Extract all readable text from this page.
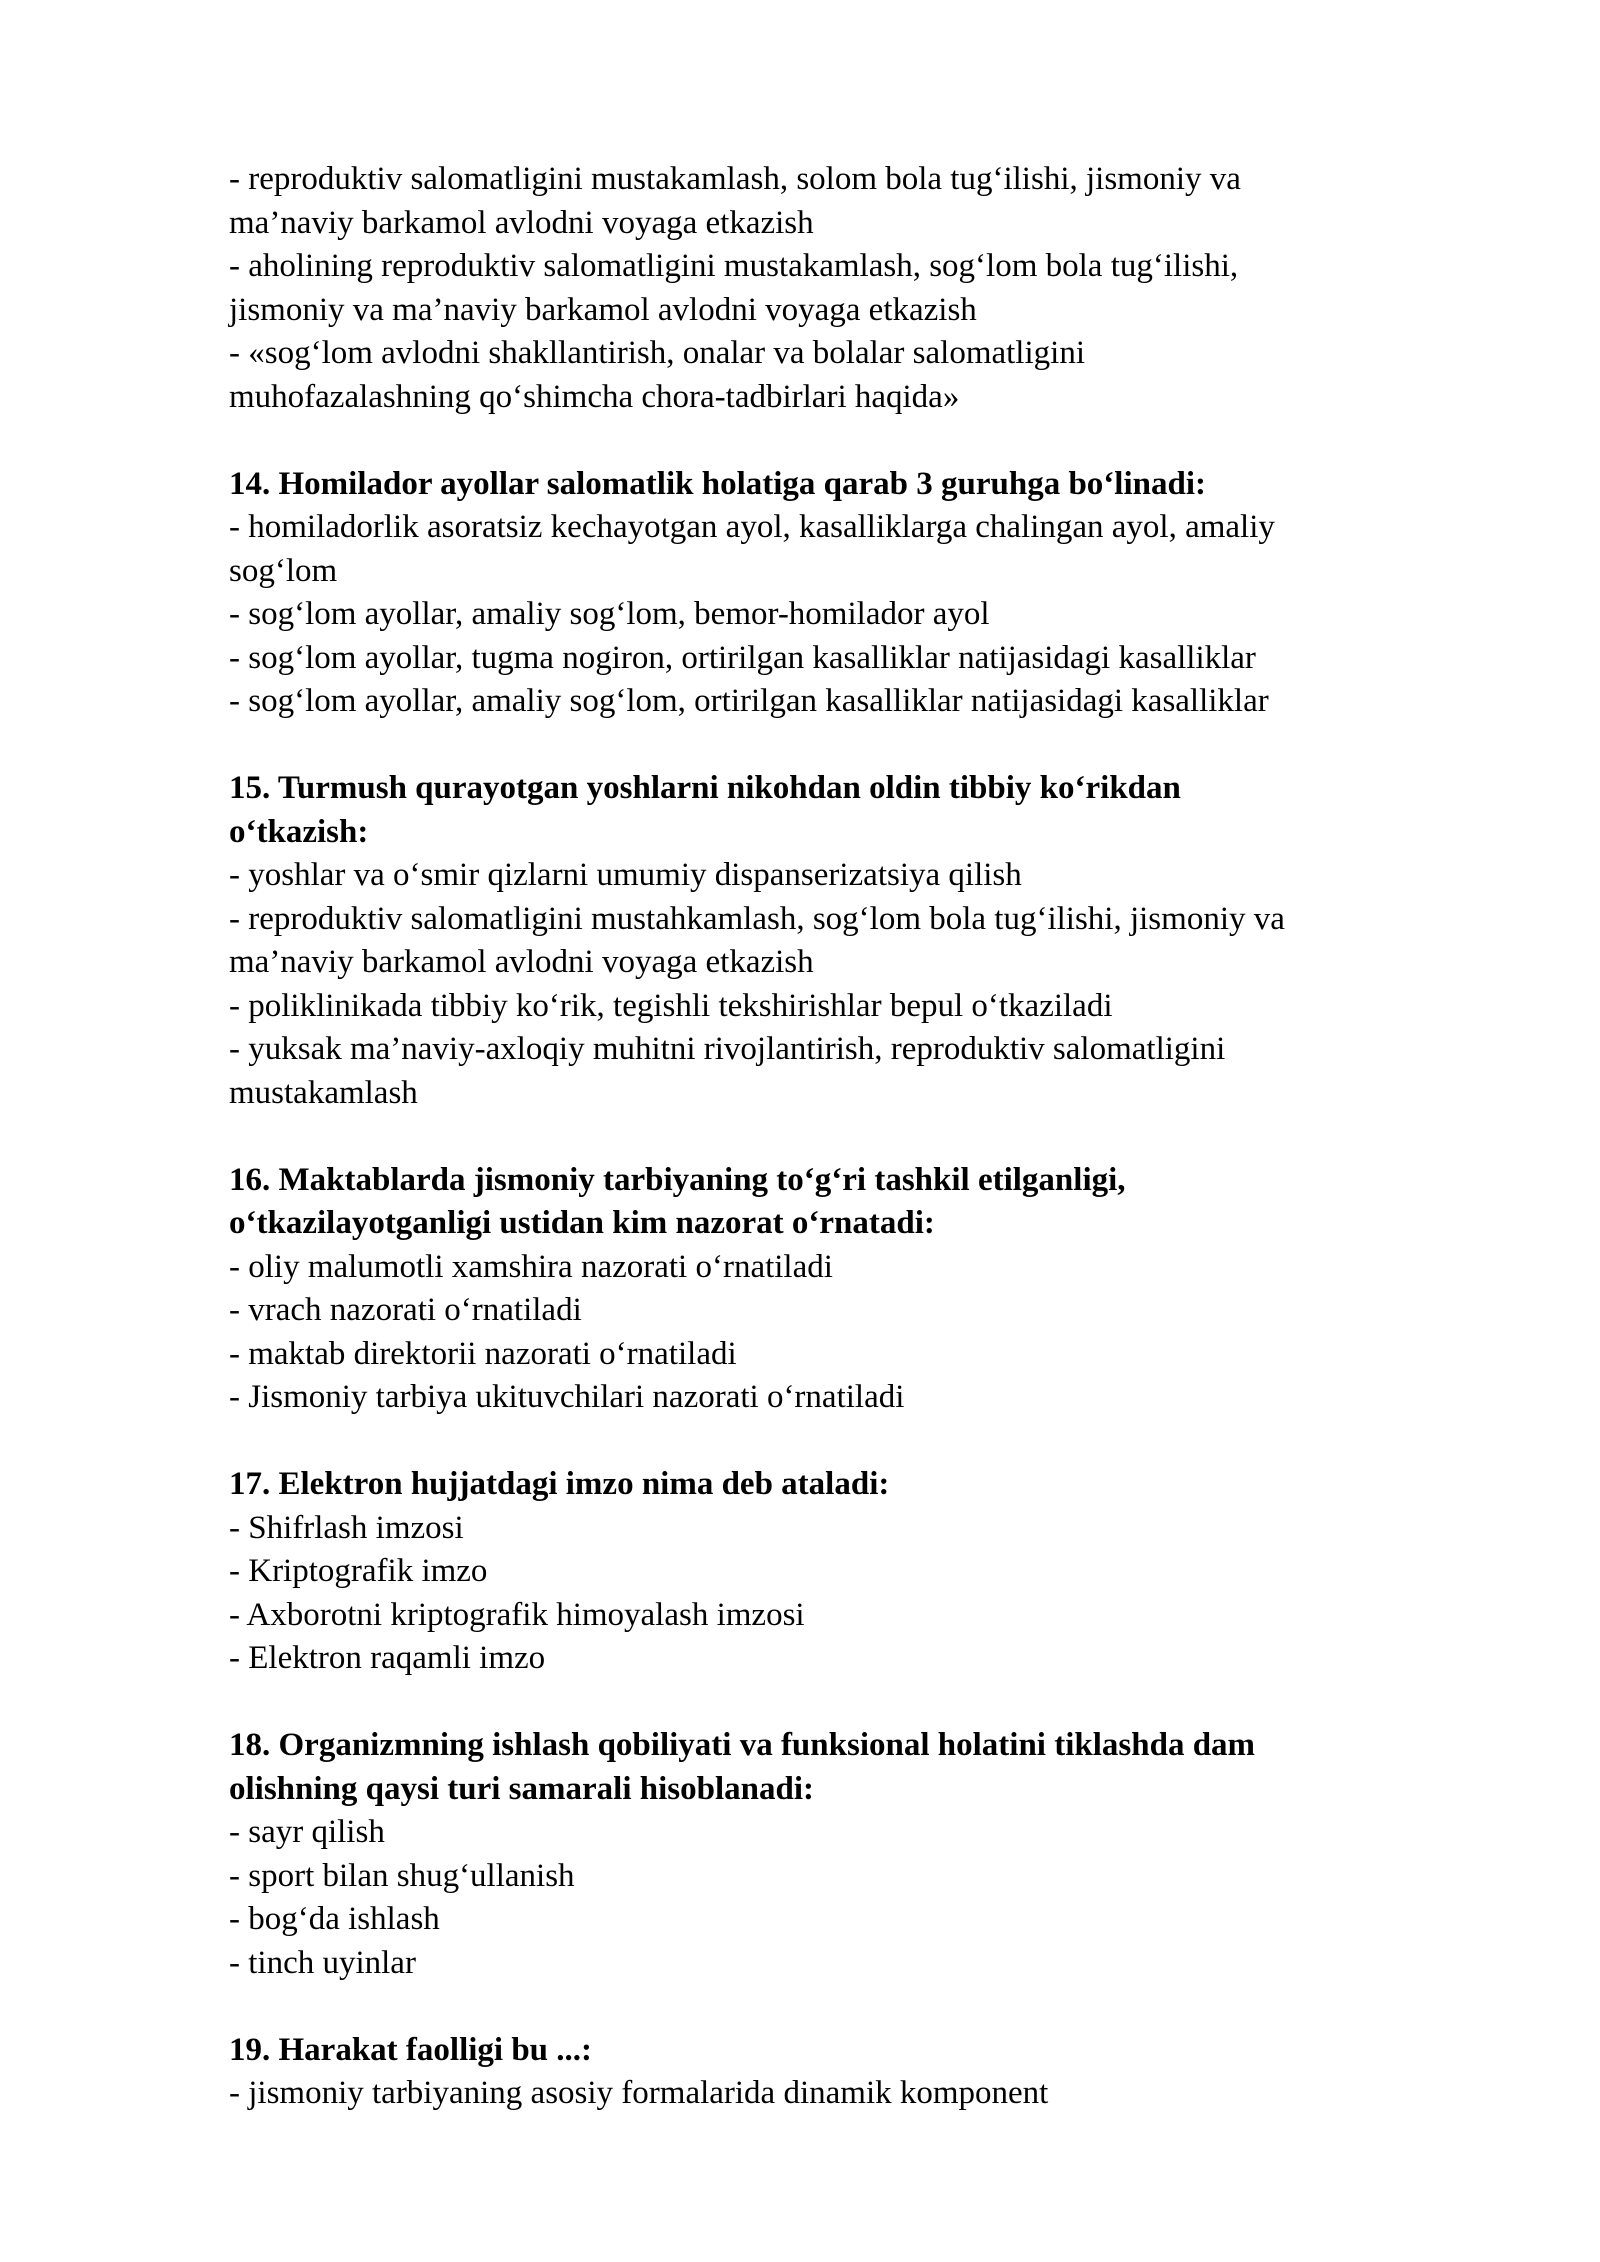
- reproduktiv salomatligini mustakamlash, solom bola tug‘ilishi, jismoniy va

ma’naviy barkamol avlodni voyaga etkazish

- aholining reproduktiv salomatligini mustakamlash, sog‘lom bola tug‘ilishi,

jismoniy va ma’naviy barkamol avlodni voyaga etkazish

- «sog‘lom avlodni shakllantirish, onalar va bolalar salomatligini

muhofazalashning qo‘shimcha chora-tadbirlari haqida»

14. Homilador ayollar salomatlik holatiga qarab 3 guruhga bo‘linadi:

- homiladorlik asoratsiz kechayotgan ayol, kasalliklarga chalingan ayol, amaliy

sog‘lom

- sog‘lom ayollar, amaliy sog‘lom, bemor-homilador ayol

- sog‘lom ayollar, tugma nogiron, ortirilgan kasalliklar natijasidagi kasalliklar

- sog‘lom ayollar, amaliy sog‘lom, ortirilgan kasalliklar natijasidagi kasalliklar

15. Turmush qurayotgan yoshlarni nikohdan oldin tibbiy ko‘rikdan

o‘tkazish:

- yoshlar va o‘smir qizlarni umumiy dispanserizatsiya qilish

- reproduktiv salomatligini mustahkamlash, sog‘lom bola tug‘ilishi, jismoniy va

ma’naviy barkamol avlodni voyaga etkazish

- poliklinikada tibbiy ko‘rik, tegishli tekshirishlar bepul o‘tkaziladi

- yuksak ma’naviy-axloqiy muhitni rivojlantirish, reproduktiv salomatligini

mustakamlash

16. Maktablarda jismoniy tarbiyaning to‘g‘ri tashkil etilganligi,

o‘tkazilayotganligi ustidan kim nazorat o‘rnatadi:

- oliy malumotli xamshira nazorati o‘rnatiladi

- vrach nazorati o‘rnatiladi

- maktab direktorii nazorati o‘rnatiladi

- Jismoniy tarbiya ukituvchilari nazorati o‘rnatiladi

17. Elektron hujjatdagi imzo nima deb ataladi:

- Shifrlash imzosi

- Kriptografik imzo

- Axborotni kriptografik himoyalash imzosi

- Elektron raqamli imzo

18. Organizmning ishlash qobiliyati va funksional holatini tiklashda dam

olishning qaysi turi samarali hisoblanadi:

- sayr qilish

- sport bilan shug‘ullanish

- bog‘da ishlash

- tinch uyinlar

19. Harakat faolligi bu ...:

- jismoniy tarbiyaning asosiy formalarida dinamik komponent
